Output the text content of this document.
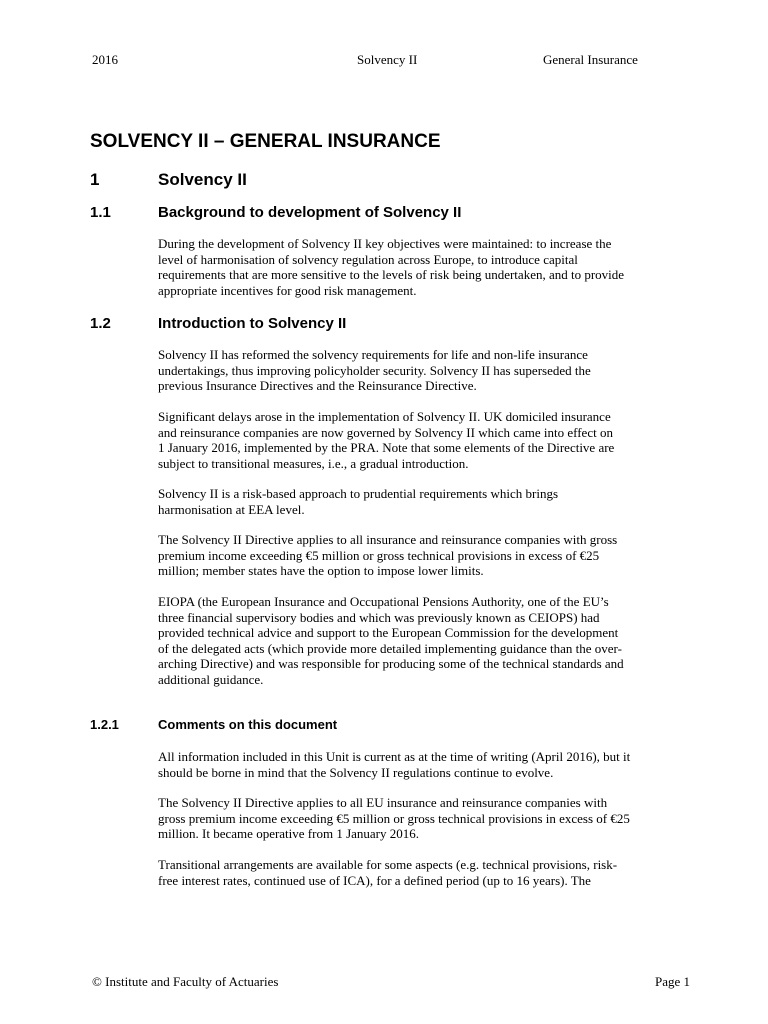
2016	Solvency II	General Insurance
SOLVENCY II – GENERAL INSURANCE
1	Solvency II
1.1	Background to development of Solvency II

During the development of Solvency II key objectives were maintained: to increase the
level of harmonisation of solvency regulation across Europe, to introduce capital
requirements that are more sensitive to the levels of risk being undertaken, and to provide
appropriate incentives for good risk management.

1.2	Introduction to Solvency II

Solvency II has reformed the solvency requirements for life and non-life insurance
undertakings, thus improving policyholder security. Solvency II has superseded the
previous Insurance Directives and the Reinsurance Directive.

Significant delays arose in the implementation of Solvency II. UK domiciled insurance
and reinsurance companies are now governed by Solvency II which came into effect on
1 January 2016, implemented by the PRA. Note that some elements of the Directive are
subject to transitional measures, i.e., a gradual introduction.

Solvency II is a risk-based approach to prudential requirements which brings
harmonisation at EEA level.

The Solvency II Directive applies to all insurance and reinsurance companies with gross
premium income exceeding €5 million or gross technical provisions in excess of €25
million; member states have the option to impose lower limits.

EIOPA (the European Insurance and Occupational Pensions Authority, one of the EU’s
three financial supervisory bodies and which was previously known as CEIOPS) had
provided technical advice and support to the European Commission for the development
of the delegated acts (which provide more detailed implementing guidance than the over-
arching Directive) and was responsible for producing some of the technical standards and
additional guidance.

1.2.1	Comments on this document

All information included in this Unit is current as at the time of writing (April 2016), but it
should be borne in mind that the Solvency II regulations continue to evolve.

The Solvency II Directive applies to all EU insurance and reinsurance companies with
gross premium income exceeding €5 million or gross technical provisions in excess of €25
million. It became operative from 1 January 2016.

Transitional arrangements are available for some aspects (e.g. technical provisions, risk-
free interest rates, continued use of ICA), for a defined period (up to 16 years). The

© Institute and Faculty of Actuaries	Page 1
